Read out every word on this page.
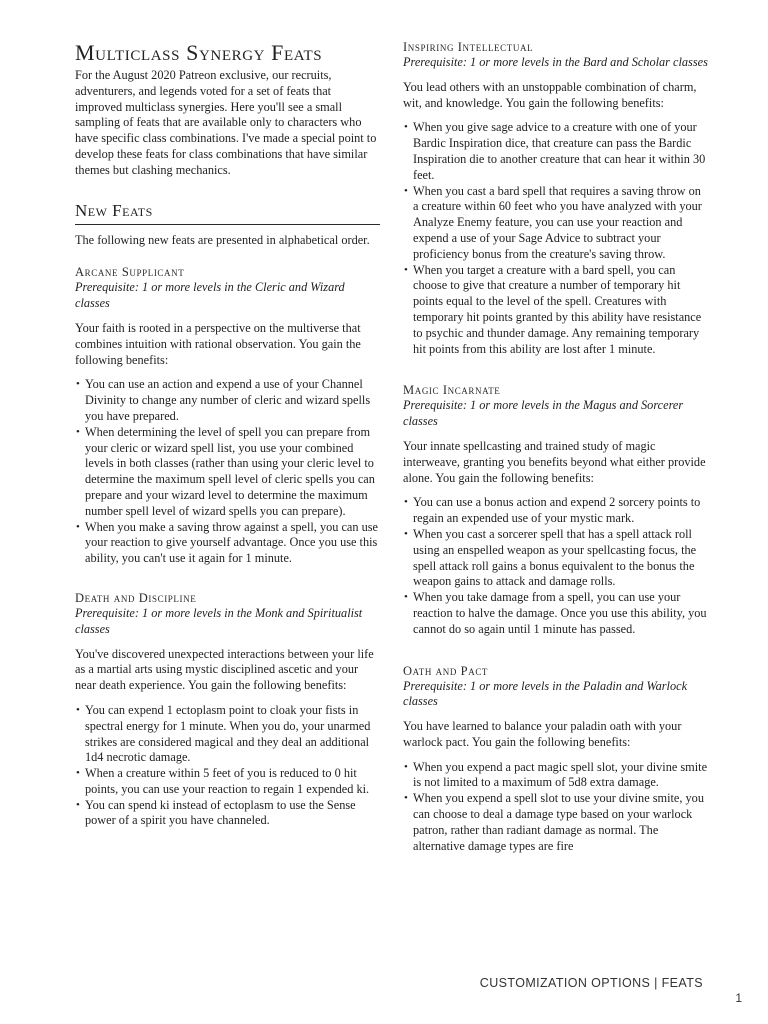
Multiclass Synergy Feats

For the August 2020 Patreon exclusive, our recruits, adventurers, and legends voted for a set of feats that improved multiclass synergies. Here you'll see a small sampling of feats that are available only to characters who have specific class combinations. I've made a special point to develop these feats for class combinations that have similar themes but clashing mechanics.

New Feats

The following new feats are presented in alphabetical order.

Arcane Supplicant

Prerequisite: 1 or more levels in the Cleric and Wizard classes

Your faith is rooted in a perspective on the multiverse that combines intuition with rational observation. You gain the following benefits:

• You can use an action and expend a use of your Channel Divinity to change any number of cleric and wizard spells you have prepared.
• When determining the level of spell you can prepare from your cleric or wizard spell list, you use your combined levels in both classes (rather than using your cleric level to determine the maximum spell level of cleric spells you can prepare and your wizard level to determine the maximum number spell level of wizard spells you can prepare).
• When you make a saving throw against a spell, you can use your reaction to give yourself advantage. Once you use this ability, you can't use it again for 1 minute.
Death and Discipline

Prerequisite: 1 or more levels in the Monk and Spiritualist classes

You've discovered unexpected interactions between your life as a martial arts using mystic disciplined ascetic and your near death experience. You gain the following benefits:

• You can expend 1 ectoplasm point to cloak your fists in spectral energy for 1 minute. When you do, your unarmed strikes are considered magical and they deal an additional 1d4 necrotic damage.
• When a creature within 5 feet of you is reduced to 0 hit points, you can use your reaction to regain 1 expended ki.
• You can spend ki instead of ectoplasm to use the Sense power of a spirit you have channeled.
Inspiring Intellectual

Prerequisite: 1 or more levels in the Bard and Scholar classes

You lead others with an unstoppable combination of charm, wit, and knowledge. You gain the following benefits:

• When you give sage advice to a creature with one of your Bardic Inspiration dice, that creature can pass the Bardic Inspiration die to another creature that can hear it within 30 feet.
• When you cast a bard spell that requires a saving throw on a creature within 60 feet who you have analyzed with your Analyze Enemy feature, you can use your reaction and expend a use of your Sage Advice to subtract your proficiency bonus from the creature's saving throw.
• When you target a creature with a bard spell, you can choose to give that creature a number of temporary hit points equal to the level of the spell. Creatures with temporary hit points granted by this ability have resistance to psychic and thunder damage. Any remaining temporary hit points from this ability are lost after 1 minute.
Magic Incarnate

Prerequisite: 1 or more levels in the Magus and Sorcerer classes

Your innate spellcasting and trained study of magic interweave, granting you benefits beyond what either provide alone. You gain the following benefits:

• You can use a bonus action and expend 2 sorcery points to regain an expended use of your mystic mark.
• When you cast a sorcerer spell that has a spell attack roll using an enspelled weapon as your spellcasting focus, the spell attack roll gains a bonus equivalent to the bonus the weapon gains to attack and damage rolls.
• When you take damage from a spell, you can use your reaction to halve the damage. Once you use this ability, you cannot do so again until 1 minute has passed.
Oath and Pact

Prerequisite: 1 or more levels in the Paladin and Warlock classes

You have learned to balance your paladin oath with your warlock pact. You gain the following benefits:

• When you expend a pact magic spell slot, your divine smite is not limited to a maximum of 5d8 extra damage.
• When you expend a spell slot to use your divine smite, you can choose to deal a damage type based on your warlock patron, rather than radiant damage as normal. The alternative damage types are fire
CUSTOMIZATION OPTIONS | FEATS
1
